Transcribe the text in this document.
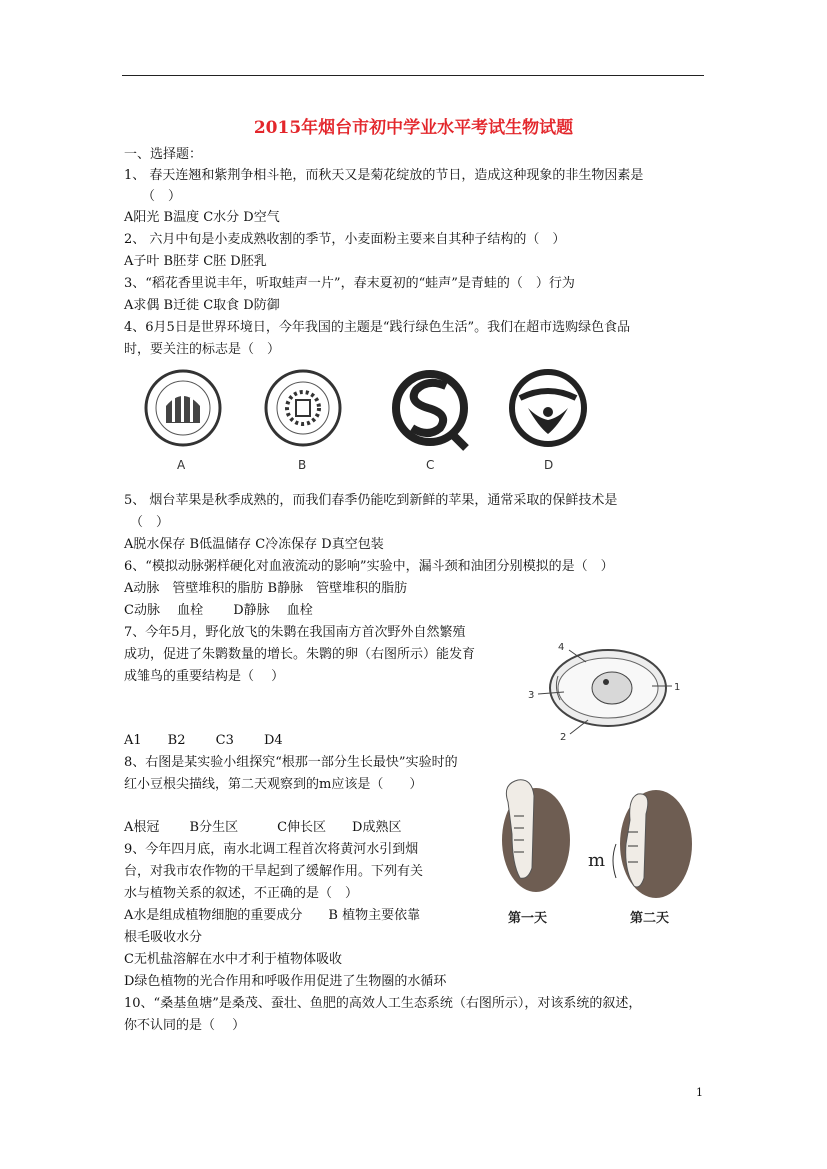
2015年烟台市初中学业水平考试生物试题
一、选择题：
1、 春天连翘和紫荆争相斗艳，而秋天又是菊花绽放的节日，造成这种现象的非生物因素是
（　）
A阳光 B温度 C水分 D空气
2、 六月中旬是小麦成熟收割的季节，小麦面粉主要来自其种子结构的（　）
A子叶 B胚芽 C胚 D胚乳
3、“稻花香里说丰年，听取蛙声一片”，春末夏初的“蛙声”是青蛙的（　）行为
A求偶 B迁徙 C取食 D防御
4、6月5日是世界环境日，今年我国的主题是“践行绿色生活”。我们在超市选购绿色食品
时，要关注的标志是（　）
A	B	C	D
5、 烟台苹果是秋季成熟的，而我们春季仍能吃到新鲜的苹果，通常采取的保鲜技术是
（　）
A脱水保存 B低温储存 C冷冻保存 D真空包装
6、“模拟动脉粥样硬化对血液流动的影响”实验中，漏斗颈和油团分别模拟的是（　）
A动脉　管壁堆积的脂肪 B静脉　管壁堆积的脂肪
C动脉　 血栓　　 D静脉　 血栓
7、今年5月，野化放飞的朱鹮在我国南方首次野外自然繁殖
成功，促进了朱鹮数量的增长。朱鹮的卵（右图所示）能发育
成雏鸟的重要结构是（　 ）
4
1
3
2
A1　　B2　　 C3　　 D4
8、右图是某实验小组探究“根那一部分生长最快”实验时的
红小豆根尖描线，第二天观察到的m应该是（　　）
A根冠　　 B分生区　　　C伸长区　　D成熟区
第一天
m
第二天
9、今年四月底，南水北调工程首次将黄河水引到烟
台，对我市农作物的干旱起到了缓解作用。下列有关
水与植物关系的叙述，不正确的是（　）
A水是组成植物细胞的重要成分　　B 植物主要依靠
根毛吸收水分
C无机盐溶解在水中才利于植物体吸收
D绿色植物的光合作用和呼吸作用促进了生物圈的水循环
10、“桑基鱼塘”是桑茂、蚕壮、鱼肥的高效人工生态系统（右图所示），对该系统的叙述，
你不认同的是（　 ）
1
